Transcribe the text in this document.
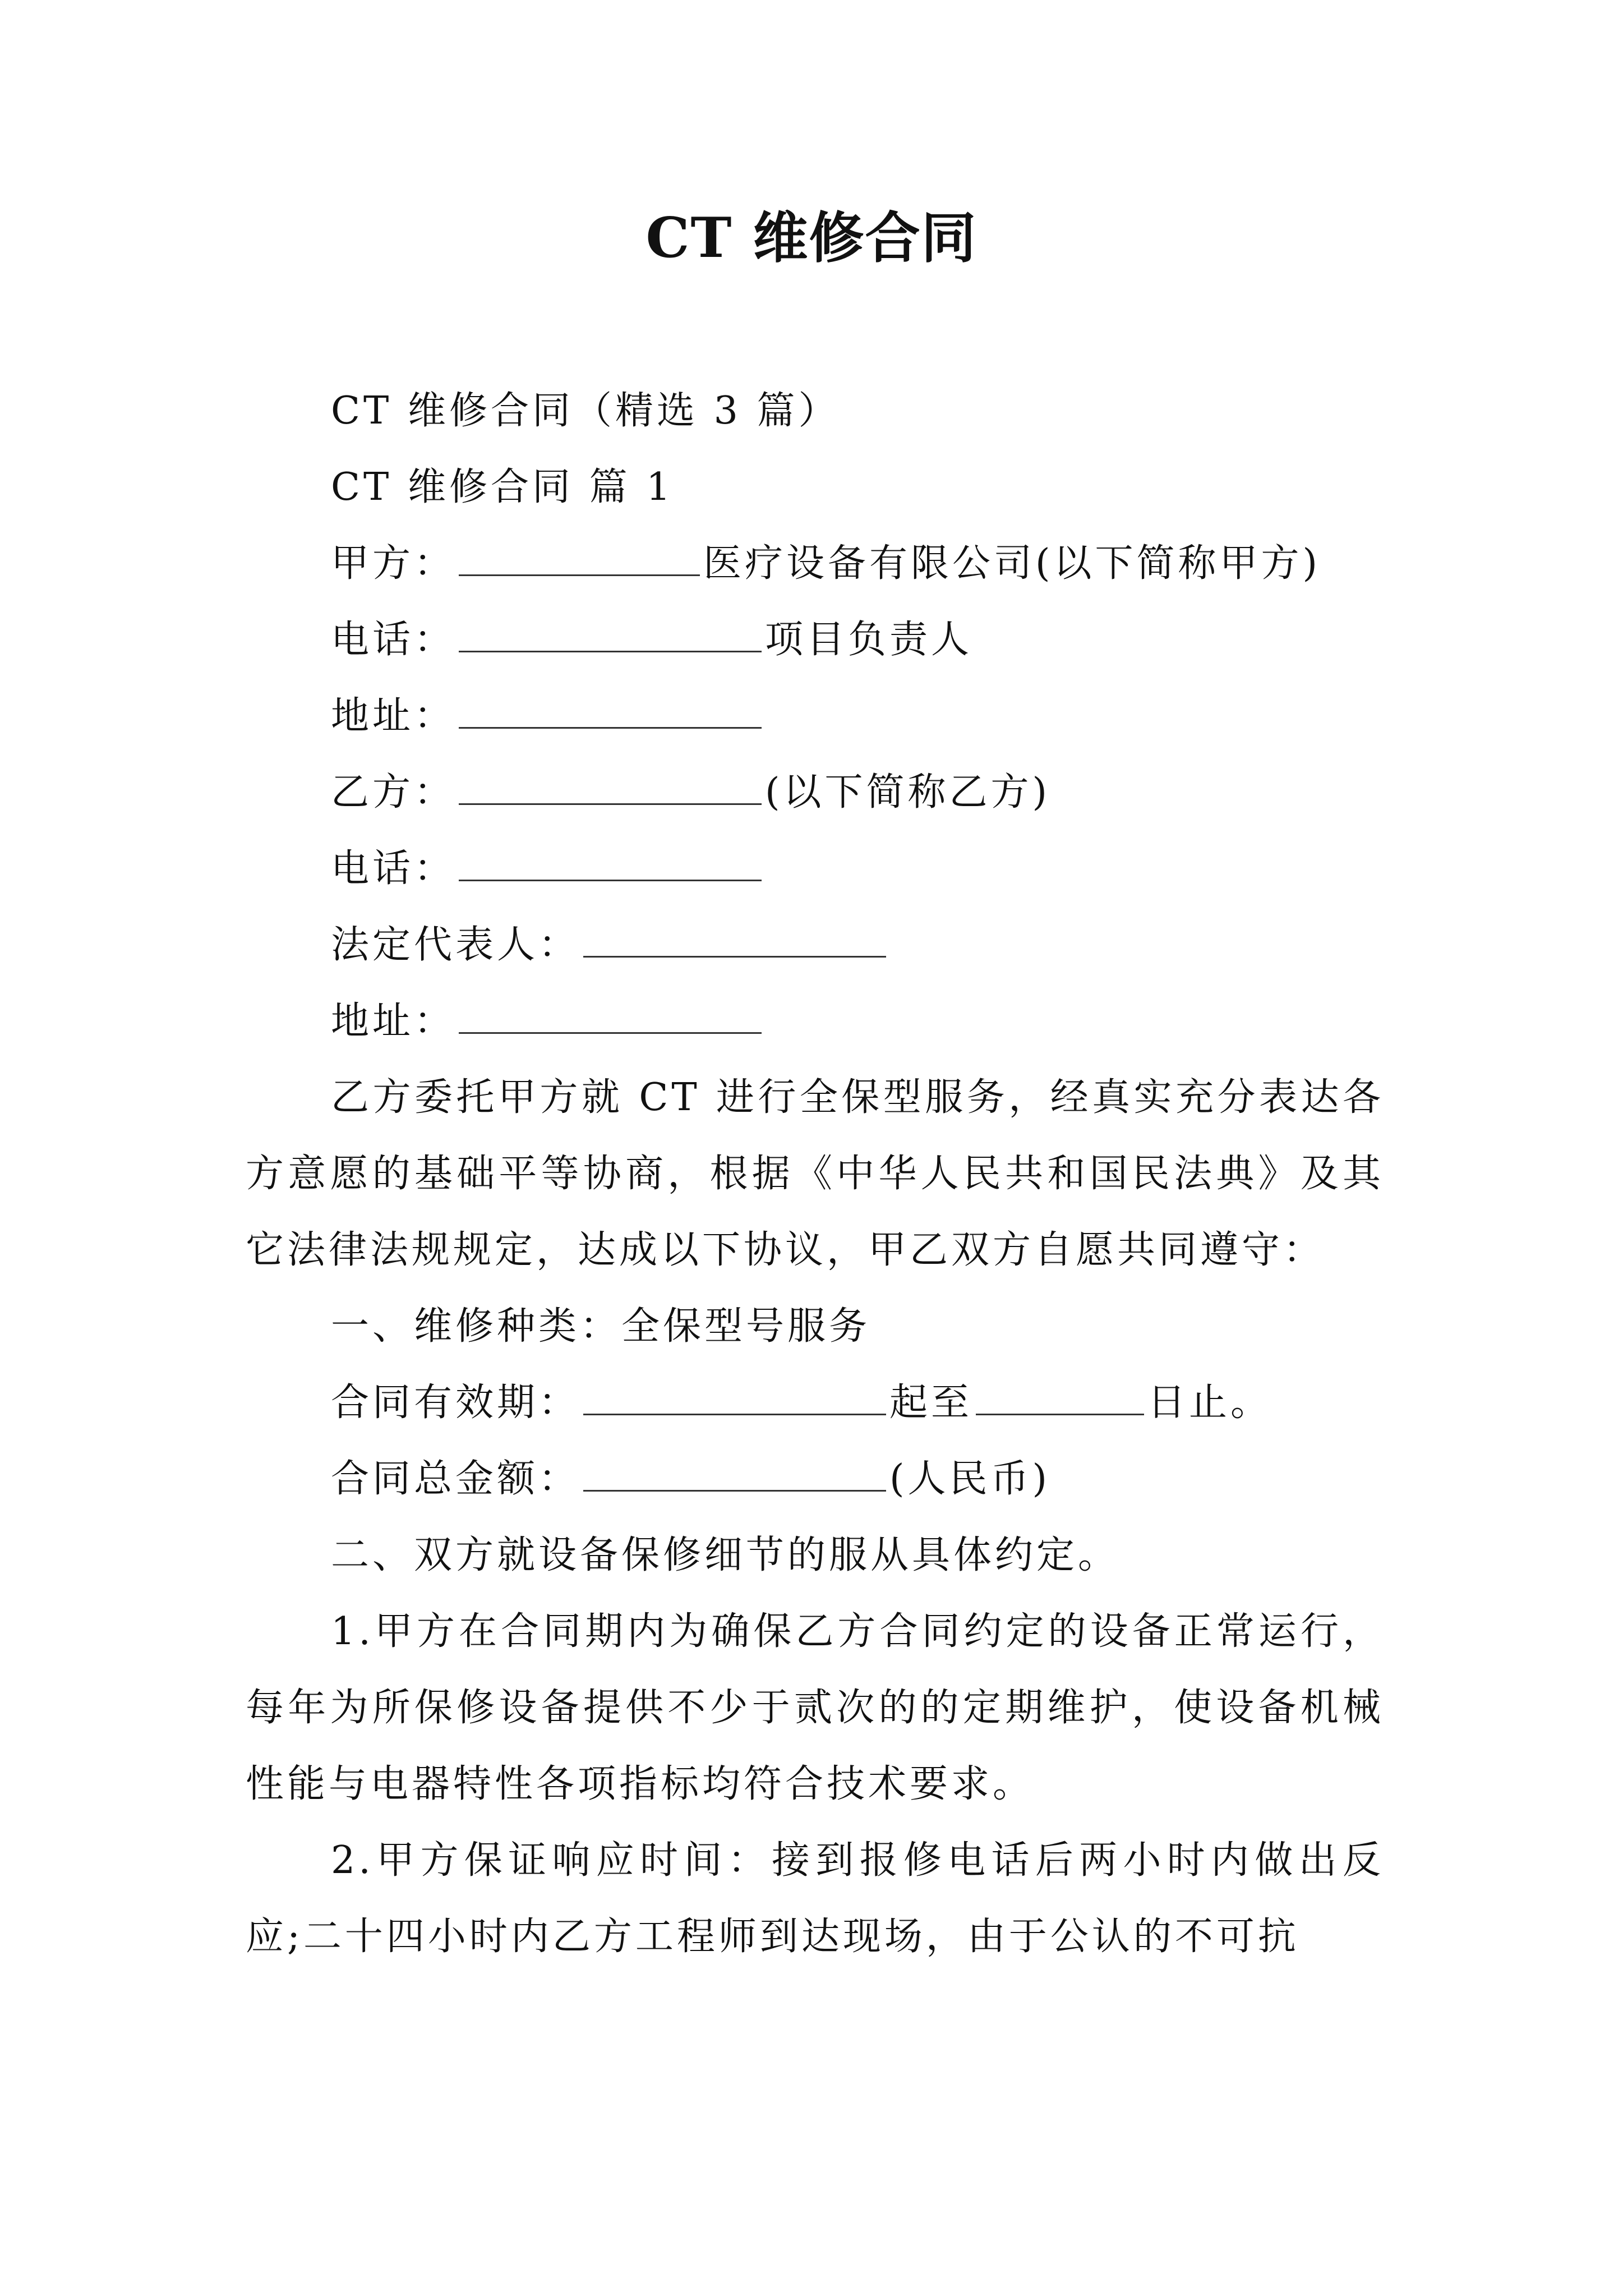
CT 维修合同
CT 维修合同（精选 3 篇）
CT 维修合同 篇 1
甲方：	医疗设备有限公司(以下简称甲方)
电话：	项目负责人
地址：
乙方：	(以下简称乙方)
电话：
法定代表人：
地址：
乙方委托甲方就 CT 进行全保型服务，经真实充分表达各方意愿的基础平等协商，根据《中华人民共和国民法典》及其它法律法规规定，达成以下协议，甲乙双方自愿共同遵守：
一、维修种类：全保型号服务
合同有效期：	起至	日止。
合同总金额：	(人民币)
二、双方就设备保修细节的服从具体约定。
1.甲方在合同期内为确保乙方合同约定的设备正常运行，每年为所保修设备提供不少于贰次的的定期维护，使设备机械性能与电器特性各项指标均符合技术要求。
2.甲方保证响应时间：接到报修电话后两小时内做出反应;二十四小时内乙方工程师到达现场，由于公认的不可抗
